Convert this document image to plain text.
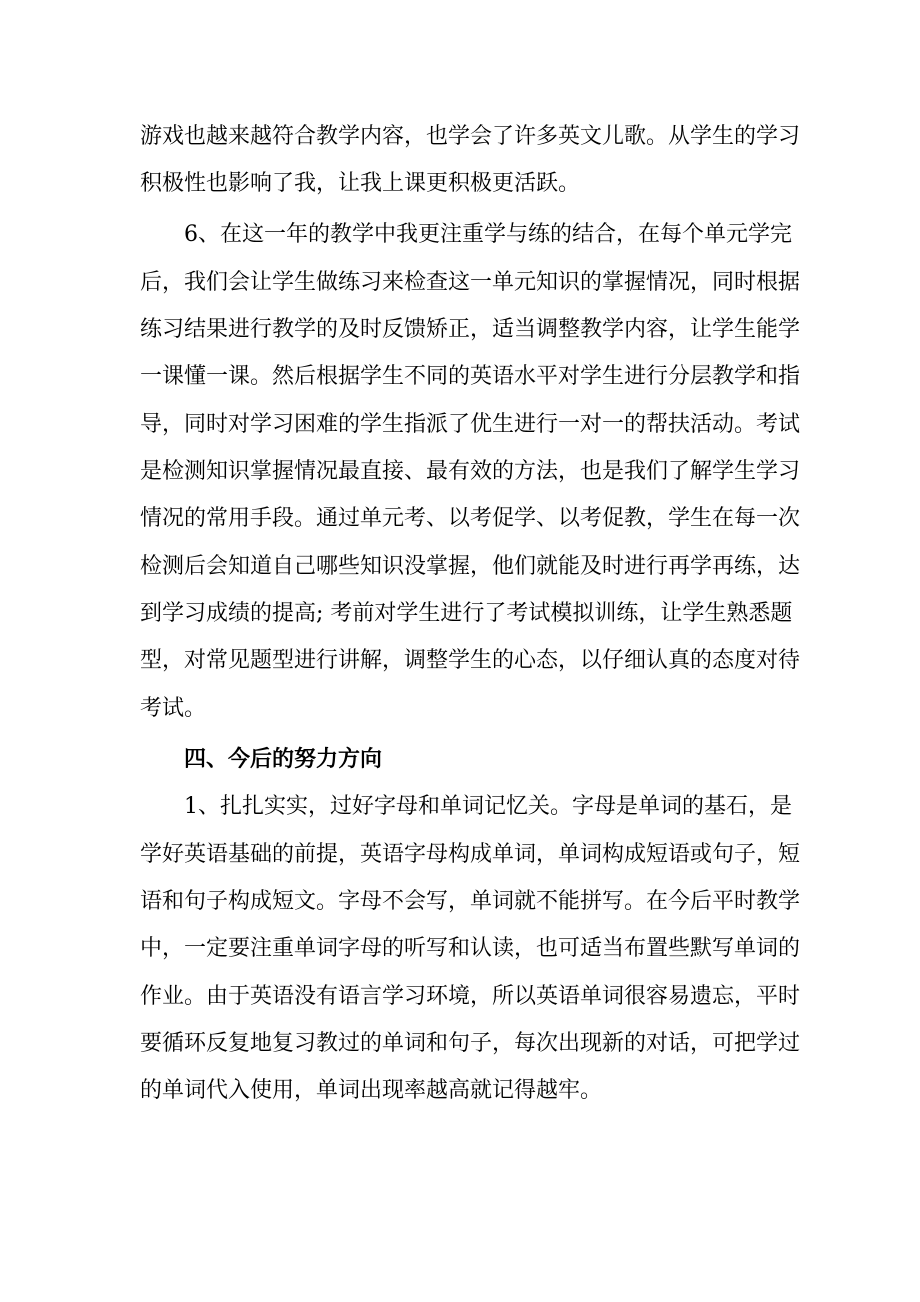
游戏也越来越符合教学内容，也学会了许多英文儿歌。从学生的学习
积极性也影响了我，让我上课更积极更活跃。
6、在这一年的教学中我更注重学与练的结合，在每个单元学完
后，我们会让学生做练习来检查这一单元知识的掌握情况，同时根据
练习结果进行教学的及时反馈矫正，适当调整教学内容，让学生能学
一课懂一课。然后根据学生不同的英语水平对学生进行分层教学和指
导，同时对学习困难的学生指派了优生进行一对一的帮扶活动。考试
是检测知识掌握情况最直接、最有效的方法，也是我们了解学生学习
情况的常用手段。通过单元考、以考促学、以考促教，学生在每一次
检测后会知道自己哪些知识没掌握，他们就能及时进行再学再练，达
到学习成绩的提高; 考前对学生进行了考试模拟训练，让学生熟悉题
型，对常见题型进行讲解，调整学生的心态，以仔细认真的态度对待
考试。
四、今后的努力方向
1、扎扎实实，过好字母和单词记忆关。字母是单词的基石，是
学好英语基础的前提，英语字母构成单词，单词构成短语或句子，短
语和句子构成短文。字母不会写，单词就不能拼写。在今后平时教学
中，一定要注重单词字母的听写和认读，也可适当布置些默写单词的
作业。由于英语没有语言学习环境，所以英语单词很容易遗忘，平时
要循环反复地复习教过的单词和句子，每次出现新的对话，可把学过
的单词代入使用，单词出现率越高就记得越牢。
